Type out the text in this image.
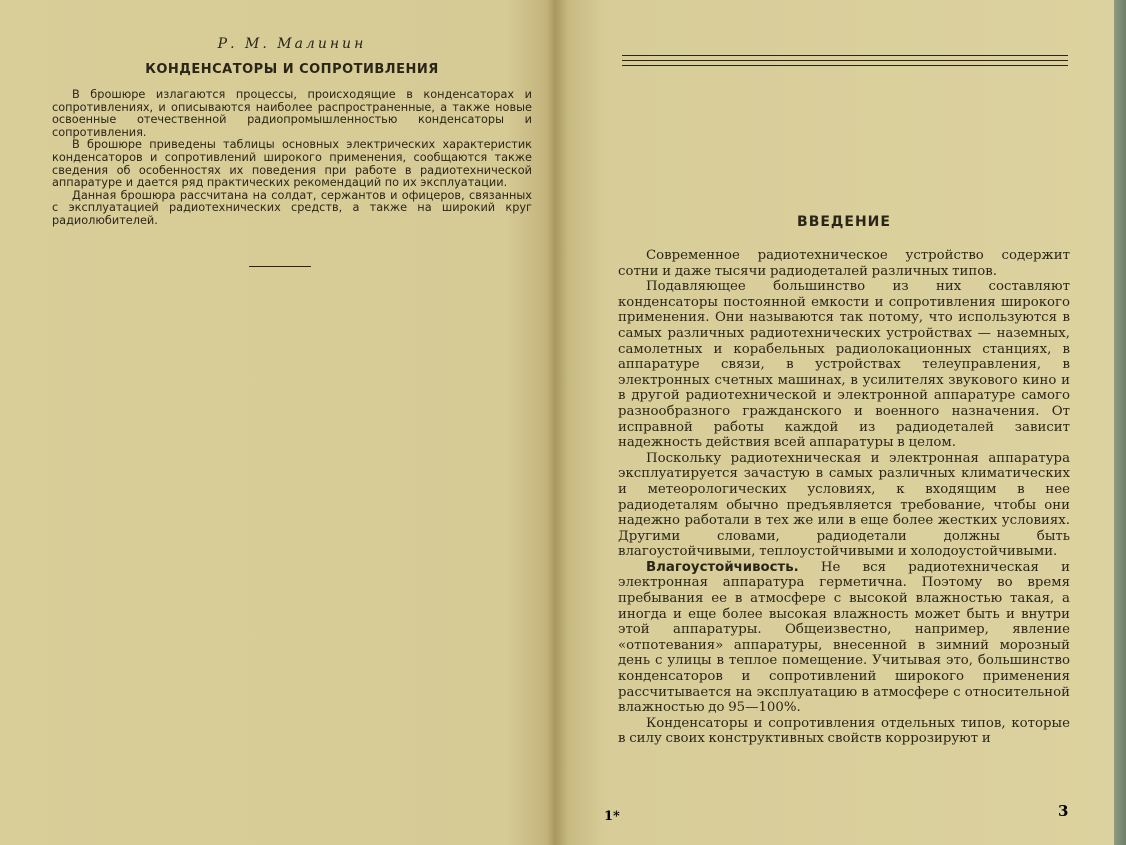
Р. М. Малинин
КОНДЕНСАТОРЫ И СОПРОТИВЛЕНИЯ

В брошюре излагаются процессы, происходящие в конденсаторах и сопротивлениях, и описываются наиболее распространенные, а также новые освоенные отечественной радиопромышленностью конденсаторы и сопротивления.

В брошюре приведены таблицы основных электрических характеристик конденсаторов и сопротивлений широкого применения, сообщаются также сведения об особенностях их поведения при работе в радиотехнической аппаратуре и дается ряд практических рекомендаций по их эксплуатации.

Данная брошюра рассчитана на солдат, сержантов и офицеров, связанных с эксплуатацией радиотехнических средств, а также на широкий круг радиолюбителей.	ВВЕДЕНИЕ

Современное радиотехническое устройство содержит сотни и даже тысячи радиодеталей различных типов.

Подавляющее большинство из них составляют конденсаторы постоянной емкости и сопротивления широкого применения. Они называются так потому, что используются в самых различных радиотехнических устройствах — наземных, самолетных и корабельных радиолокационных станциях, в аппаратуре связи, в устройствах телеуправления, в электронных счетных машинах, в усилителях звукового кино и в другой радиотехнической и электронной аппаратуре самого разнообразного гражданского и военного назначения. От исправной работы каждой из радиодеталей зависит надежность действия всей аппаратуры в целом.

Поскольку радиотехническая и электронная аппаратура эксплуатируется зачастую в самых различных климатических и метеорологических условиях, к входящим в нее радиодеталям обычно предъявляется требование, чтобы они надежно работали в тех же или в еще более жестких условиях. Другими словами, радиодетали должны быть влагоустойчивыми, теплоустойчивыми и холодоустойчивыми.

Влагоустойчивость. Не вся радиотехническая и электронная аппаратура герметична. Поэтому во время пребывания ее в атмосфере с высокой влажностью такая, а иногда и еще более высокая влажность может быть и внутри этой аппаратуры. Общеизвестно, например, явление «отпотевания» аппаратуры, внесенной в зимний морозный день с улицы в теплое помещение. Учитывая это, большинство конденсаторов и сопротивлений широкого применения рассчитывается на эксплуатацию в атмосфере с относительной влажностью до 95—100%.

Конденсаторы и сопротивления отдельных типов, которые в силу своих конструктивных свойств коррозируют и

1*	3
